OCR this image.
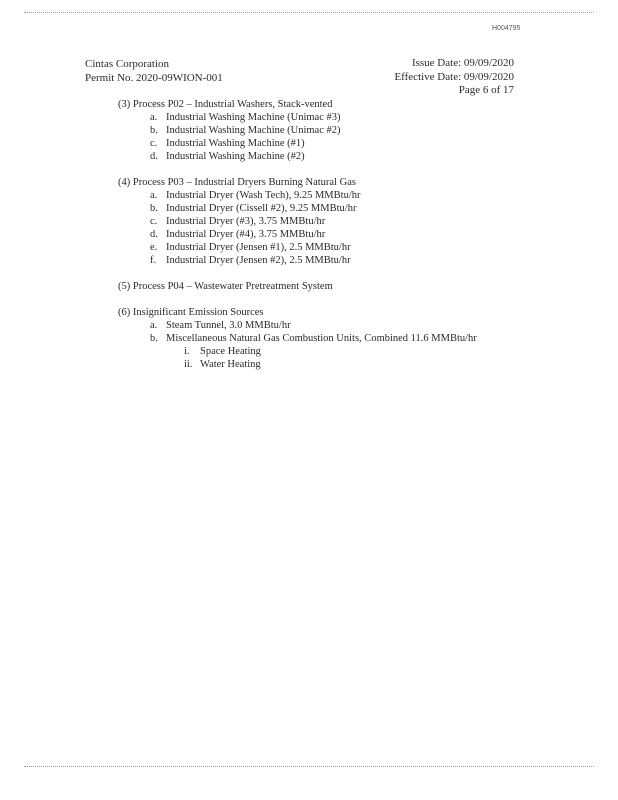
H004795
Cintas Corporation
Permit No. 2020-09WION-001
Issue Date: 09/09/2020
Effective Date: 09/09/2020
Page 6 of 17
(3) Process P02 – Industrial Washers, Stack-vented
a. Industrial Washing Machine (Unimac #3)
b. Industrial Washing Machine (Unimac #2)
c. Industrial Washing Machine (#1)
d. Industrial Washing Machine (#2)
(4) Process P03 – Industrial Dryers Burning Natural Gas
a. Industrial Dryer (Wash Tech), 9.25 MMBtu/hr
b. Industrial Dryer (Cissell #2), 9.25 MMBtu/hr
c. Industrial Dryer (#3), 3.75 MMBtu/hr
d. Industrial Dryer (#4), 3.75 MMBtu/hr
e. Industrial Dryer (Jensen #1), 2.5 MMBtu/hr
f. Industrial Dryer (Jensen #2), 2.5 MMBtu/hr
(5) Process P04 – Wastewater Pretreatment System
(6) Insignificant Emission Sources
a. Steam Tunnel, 3.0 MMBtu/hr
b. Miscellaneous Natural Gas Combustion Units, Combined 11.6 MMBtu/hr
i. Space Heating
ii. Water Heating
